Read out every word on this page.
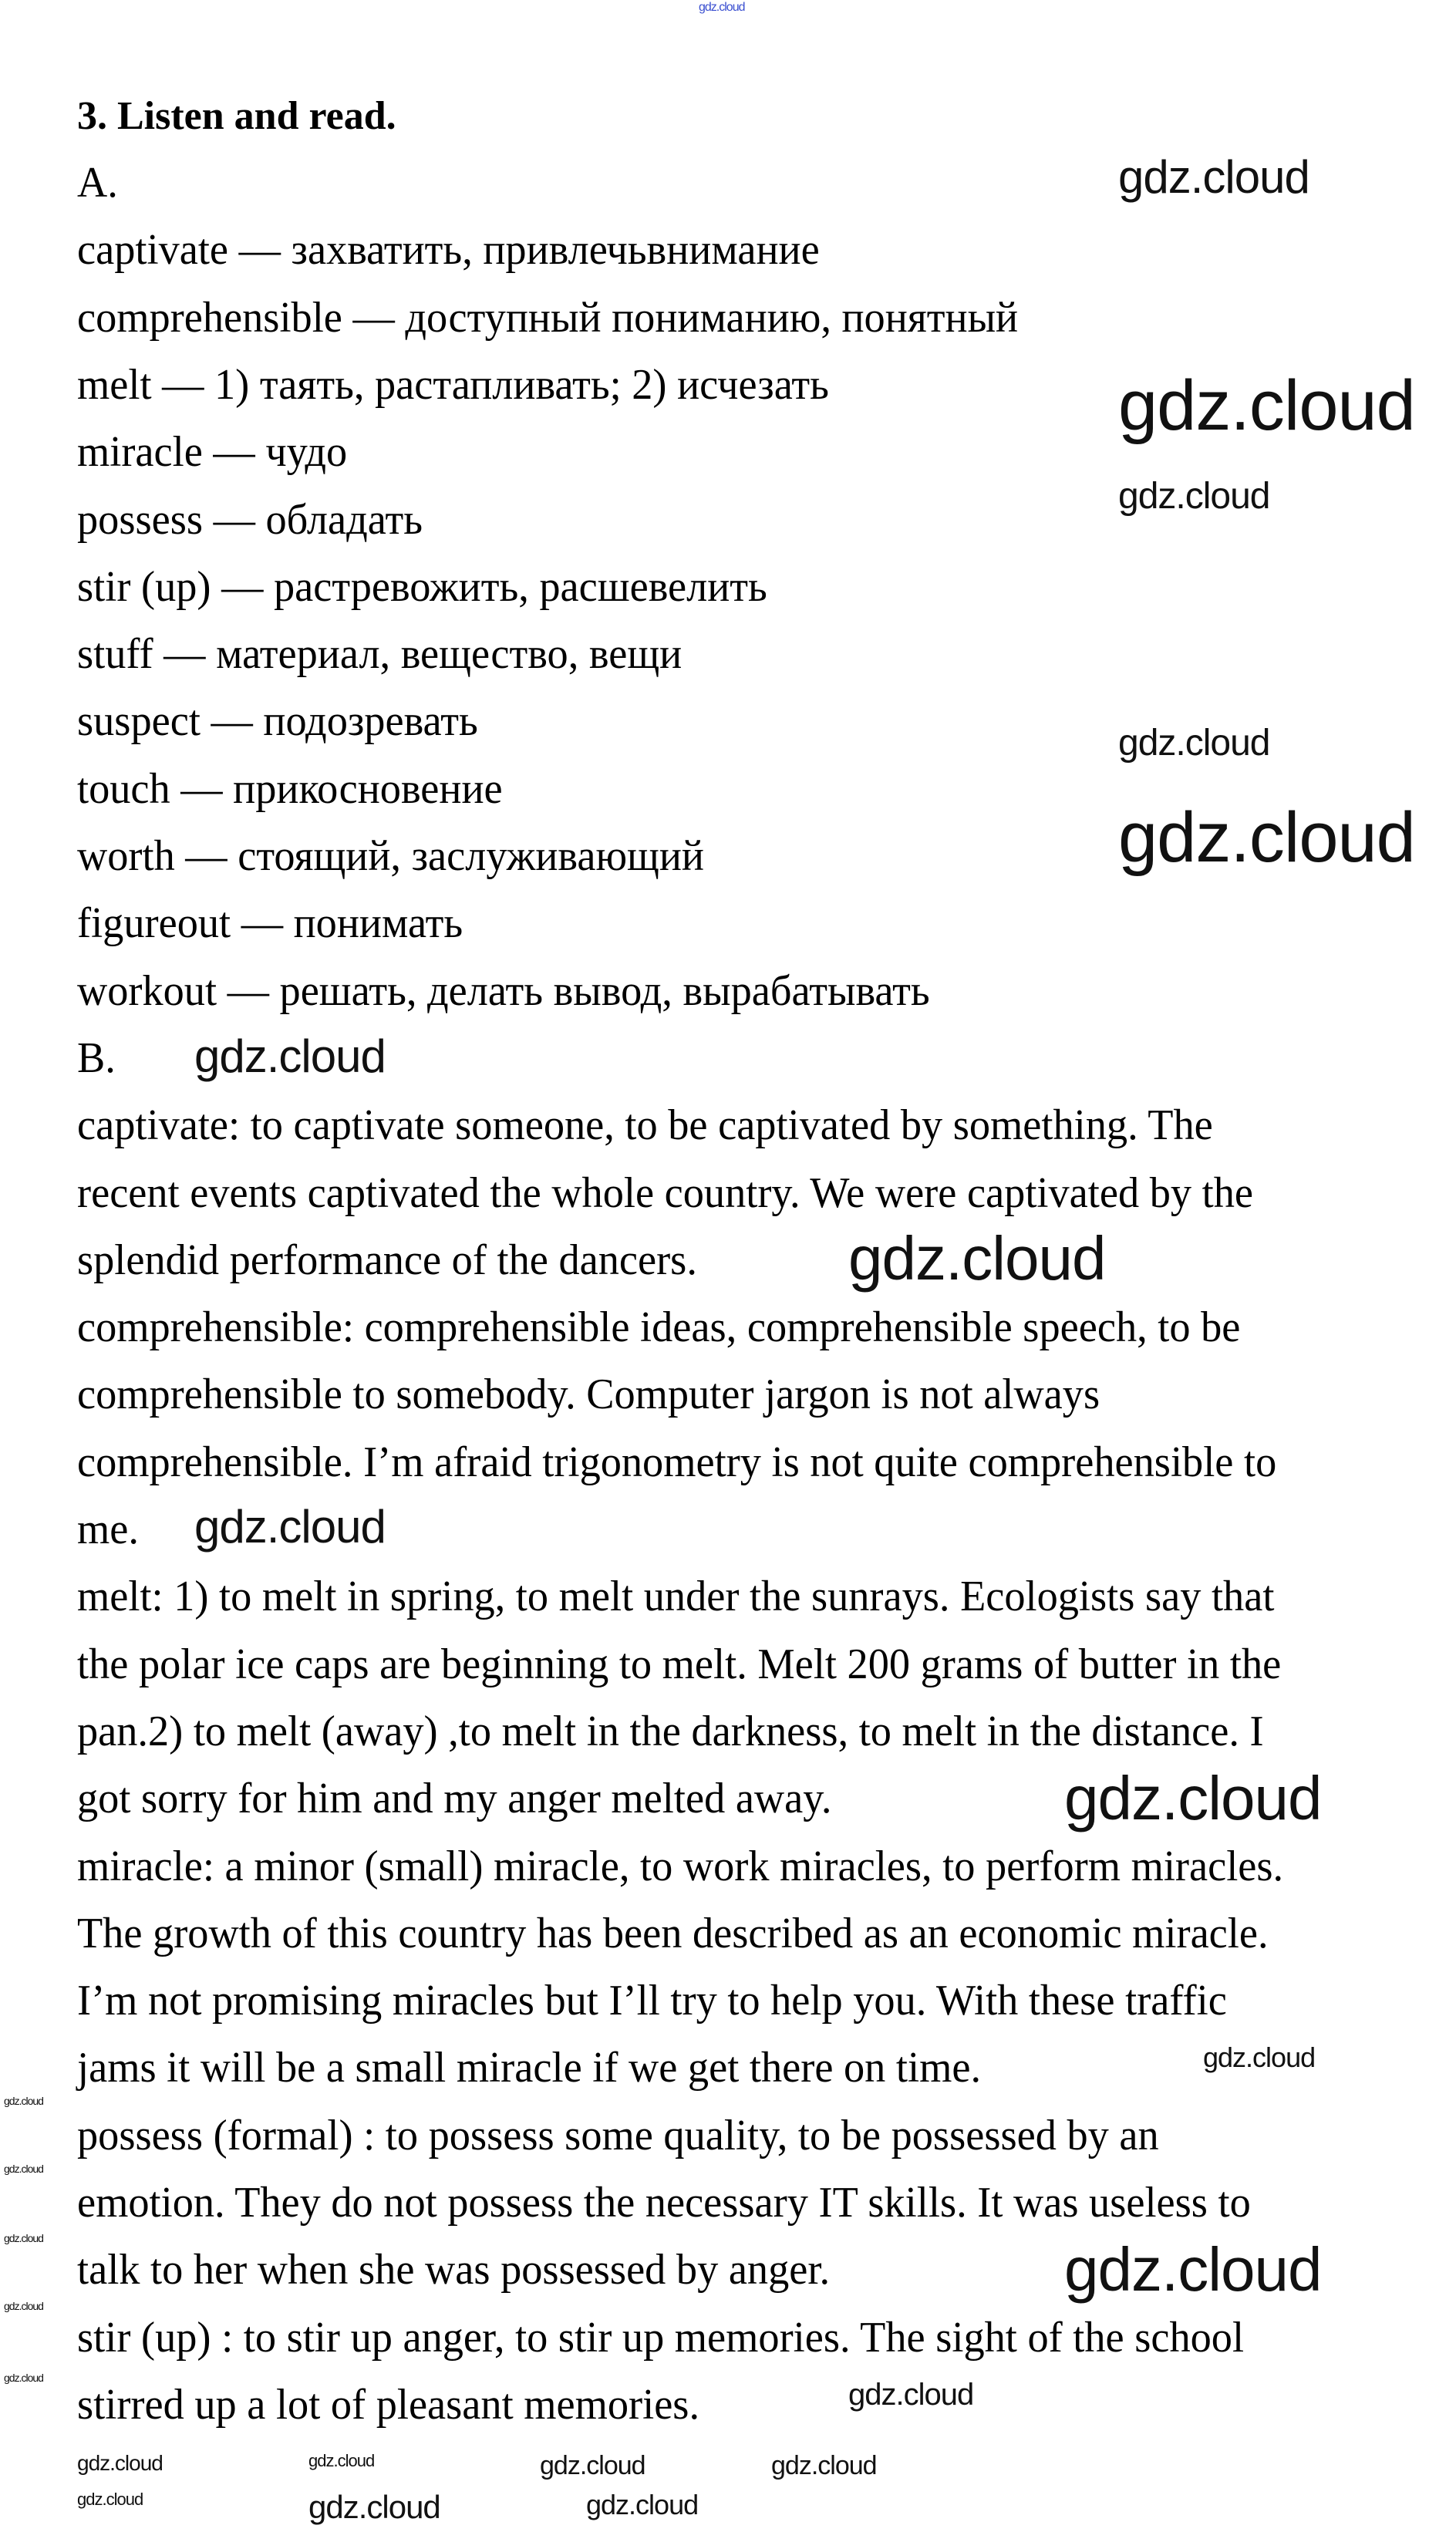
3. Listen and read.
A.
captivate — захватить, привлечьвнимание
comprehensible — доступный пониманию, понятный
melt — 1) таять, растапливать; 2) исчезать
miracle — чудо
possess — обладать
stir (up) — растревожить, расшевелить
stuff — материал, вещество, вещи
suspect — подозревать
touch — прикосновение
worth — стоящий, заслуживающий
figureout — понимать
workout — решать, делать вывод, вырабатывать
B.
captivate: to captivate someone, to be captivated by something. The
recent events captivated the whole country. We were captivated by the
splendid performance of the dancers.
comprehensible: comprehensible ideas, comprehensible speech, to be
comprehensible to somebody. Computer jargon is not always
comprehensible. I’m afraid trigonometry is not quite comprehensible to
me.
melt: 1) to melt in spring, to melt under the sunrays. Ecologists say that
the polar ice caps are beginning to melt. Melt 200 grams of butter in the
pan.2) to melt (away) ,to melt in the darkness, to melt in the distance. I
got sorry for him and my anger melted away.
miracle: a minor (small) miracle, to work miracles, to perform miracles.
The growth of this country has been described as an economic miracle.
I’m not promising miracles but I’ll try to help you. With these traffic
jams it will be a small miracle if we get there on time.
possess (formal) : to possess some quality, to be possessed by an
emotion. They do not possess the necessary IT skills. It was useless to
talk to her when she was possessed by anger.
stir (up) : to stir up anger, to stir up memories. The sight of the school
stirred up a lot of pleasant memories.
gdz.cloud
gdz.cloud
gdz.cloud
gdz.cloud
gdz.cloud
gdz.cloud
gdz.cloud
gdz.cloud
gdz.cloud
gdz.cloud
gdz.cloud
gdz.cloud
gdz.cloud
gdz.cloud
gdz.cloud
gdz.cloud
gdz.cloud
gdz.cloud
gdz.cloud	gdz.cloud	gdz.cloud	gdz.cloud
gdz.cloud	gdz.cloud	gdz.cloud
